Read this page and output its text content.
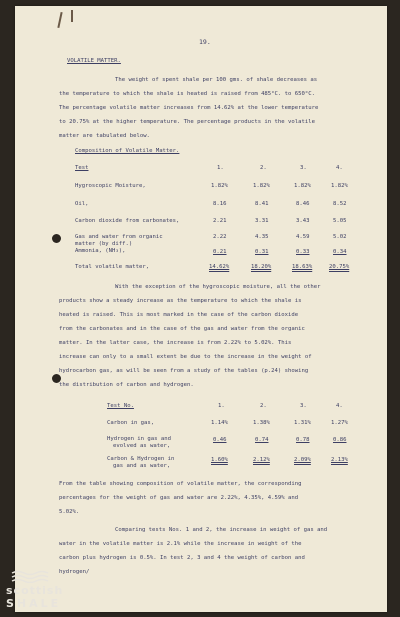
19.
VOLATILE MATTER.
The weight of spent shale per 100 gms. of shale decreases as
the temperature to which the shale is heated is raised from 485°C. to 650°C.
The percentage volatile matter increases from 14.62% at the lower temperature
to 20.75% at the higher temperature. The percentage products in the volatile
matter are tabulated below.
Composition of Volatile Matter.
Test	1.	2.	3.	4.
Hygroscopic Moisture,	1.82%	1.82%	1.82%	1.82%
Oil,	8.16	8.41	8.46	8.52
Carbon dioxide from carbonates,	2.21	3.31	3.43	5.05
Gas and water from organic
matter (by diff.)
2.22	4.35	4.59	5.02
Ammonia, (NH₃),	0.21	0.31	0.33	0.34
Total volatile matter,	14.62%	18.20%	18.63%	20.75%
With the exception of the hygroscopic moisture, all the other
products show a steady increase as the temperature to which the shale is
heated is raised. This is most marked in the case of the carbon dioxide
from the carbonates and in the case of the gas and water from the organic
matter. In the latter case, the increase is from 2.22% to 5.02%. This
increase can only to a small extent be due to the increase in the weight of
hydrocarbon gas, as will be seen from a study of the tables (p.24) showing
the distribution of carbon and hydrogen.
Test No.	1.	2.	3.	4.
Carbon in gas,	1.14%	1.38%	1.31%	1.27%
Hydrogen in gas and
evolved as water,
0.46	0.74	0.78	0.86
Carbon & Hydrogen in
gas and as water,
1.60%	2.12%	2.09%	2.13%
From the table showing composition of volatile matter, the corresponding
percentages for the weight of gas and water are 2.22%, 4.35%, 4.59% and
5.02%.
Comparing tests Nos. 1 and 2, the increase in weight of gas and
water in the volatile matter is 2.1% while the increase in weight of the
carbon plus hydrogen is 0.5%. In test 2, 3 and 4 the weight of carbon and
hydrogen/
scottish
SHALE
